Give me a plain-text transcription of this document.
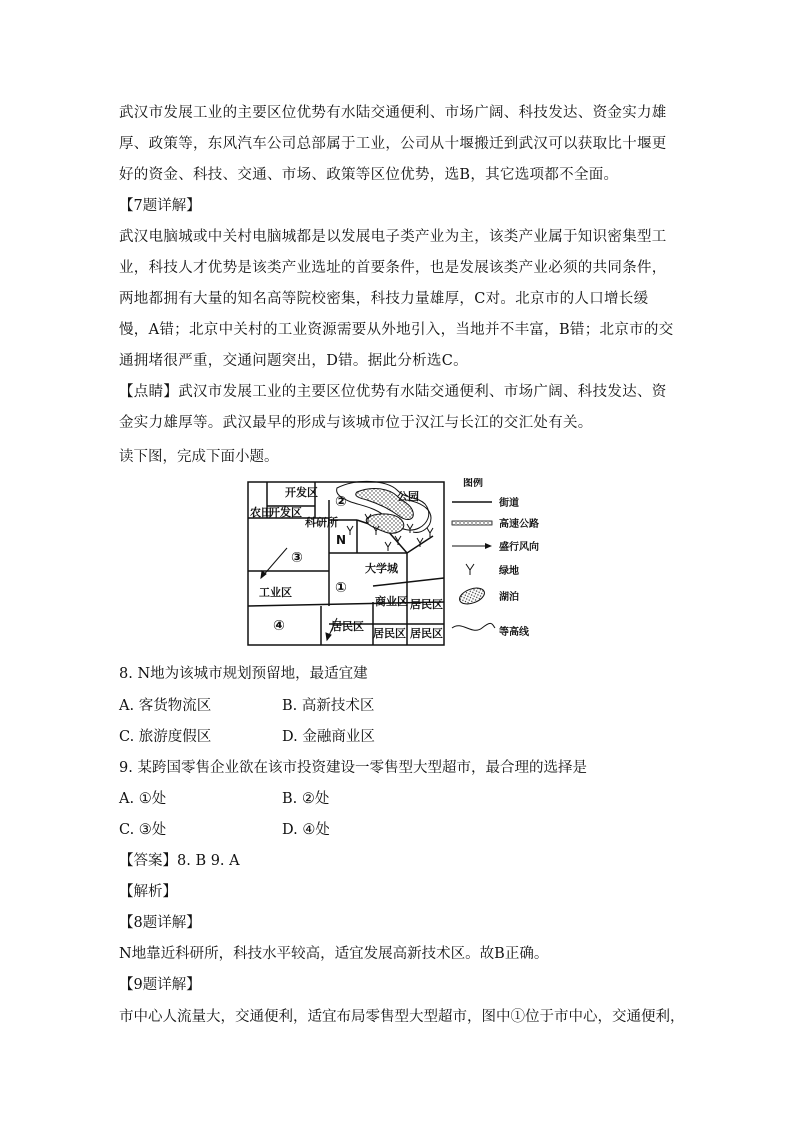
武汉市发展工业的主要区位优势有水陆交通便利、市场广阔、科技发达、资金实力雄厚、政策等，东风汽车公司总部属于工业，公司从十堰搬迁到武汉可以获取比十堰更好的资金、科技、交通、市场、政策等区位优势，选B，其它选项都不全面。
【7题详解】
武汉电脑城或中关村电脑城都是以发展电子类产业为主，该类产业属于知识密集型工业，科技人才优势是该类产业选址的首要条件，也是发展该类产业必须的共同条件，两地都拥有大量的知名高等院校密集，科技力量雄厚，C对。北京市的人口增长缓慢，A错；北京中关村的工业资源需要从外地引入，当地并不丰富，B错；北京市的交通拥堵很严重，交通问题突出，D错。据此分析选C。
【点睛】武汉市发展工业的主要区位优势有水陆交通便利、市场广阔、科技发达、资金实力雄厚等。武汉最早的形成与该城市位于汉江与长江的交汇处有关。
读下图，完成下面小题。
开发区
农田
开发区
科研所
公园
N
②
③
①
④
大学城
工业区
商业区 居民区
居民区
居民区 居民区
图例
街道
高速公路
盛行风向
绿地
湖泊
等高线
8. N地为该城市规划预留地，最适宜建
A. 客货物流区	B. 高新技术区
C. 旅游度假区	D. 金融商业区
9. 某跨国零售企业欲在该市投资建设一零售型大型超市，最合理的选择是
A. ①处	B. ②处
C. ③处	D. ④处
【答案】8. B 9. A
【解析】
【8题详解】
N地靠近科研所，科技水平较高，适宜发展高新技术区。故B正确。
【9题详解】
市中心人流量大，交通便利，适宜布局零售型大型超市，图中①位于市中心，交通便利，
